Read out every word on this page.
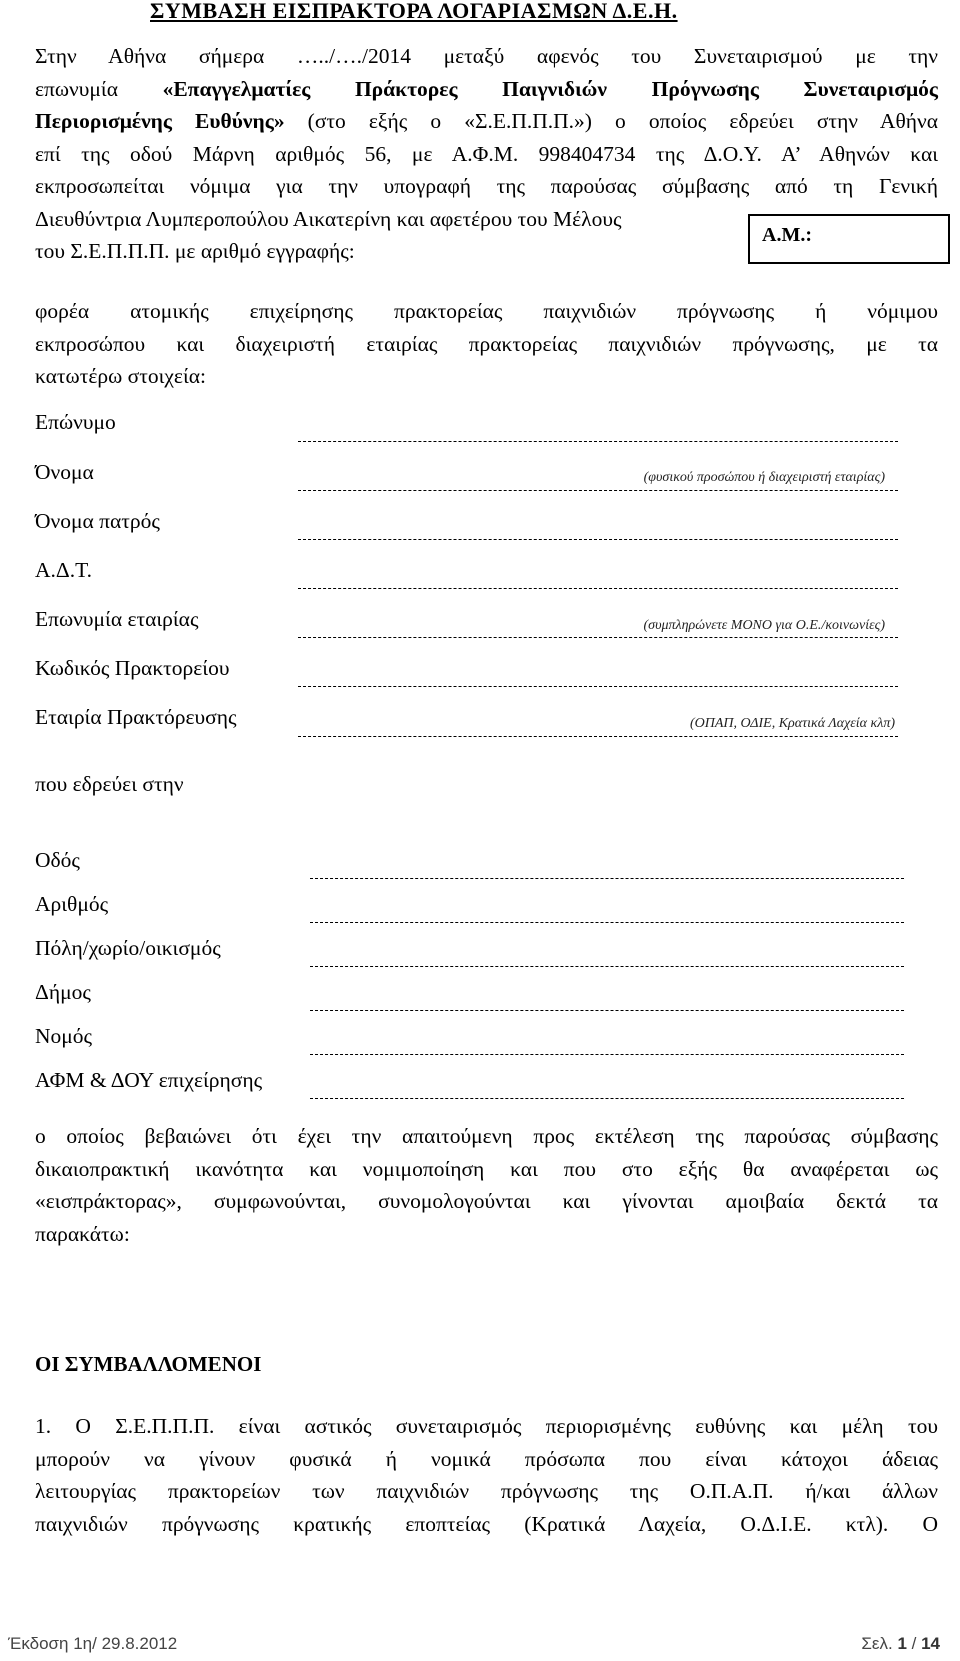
ΣΥΜΒΑΣΗ ΕΙΣΠΡΑΚΤΟΡΑ ΛΟΓΑΡΙΑΣΜΩΝ Δ.Ε.Η.
Στην Αθήνα σήμερα …../…./2014 μεταξύ αφενός του Συνεταιρισμού με την
επωνυμία «Επαγγελματίες Πράκτορες Παιγνιδιών Πρόγνωσης Συνεταιρισμός
Περιορισμένης Ευθύνης» (στο εξής ο «Σ.Ε.Π.Π.Π.») ο οποίος εδρεύει στην Αθήνα
επί της οδού Μάρνη αριθμός 56, με Α.Φ.Μ. 998404734 της Δ.Ο.Υ. Α’ Αθηνών και
εκπροσωπείται νόμιμα για την υπογραφή της παρούσας σύμβασης από τη Γενική
Διευθύντρια Λυμπεροπούλου Αικατερίνη και αφετέρου του Μέλους
του Σ.Ε.Π.Π.Π. με αριθμό εγγραφής:
Α.Μ.:
φορέα ατομικής επιχείρησης πρακτορείας παιχνιδιών πρόγνωσης ή νόμιμου
εκπροσώπου και διαχειριστή εταιρίας πρακτορείας παιχνιδιών πρόγνωσης, με τα
κατωτέρω στοιχεία:
Επώνυμο
Όνομα	(φυσικού προσώπου ή διαχειριστή εταιρίας)
Όνομα πατρός
Α.Δ.Τ.
Επωνυμία εταιρίας	(συμπληρώνετε ΜΟΝΟ για Ο.Ε./κοινωνίες)
Κωδικός Πρακτορείου
Εταιρία Πρακτόρευσης	(ΟΠΑΠ, ΟΔΙΕ, Κρατικά Λαχεία κλπ)
που εδρεύει στην
Οδός
Αριθμός
Πόλη/χωρίο/οικισμός
Δήμος
Νομός
ΑΦΜ & ΔΟΥ επιχείρησης
ο οποίος βεβαιώνει ότι έχει την απαιτούμενη προς εκτέλεση της παρούσας σύμβασης
δικαιοπρακτική ικανότητα και νομιμοποίηση και που στο εξής θα αναφέρεται ως
«εισπράκτορας», συμφωνούνται, συνομολογούνται και γίνονται αμοιβαία δεκτά τα
παρακάτω:
ΟΙ ΣΥΜΒΑΛΛΟΜΕΝΟΙ
1. Ο Σ.Ε.Π.Π.Π. είναι αστικός συνεταιρισμός περιορισμένης ευθύνης και μέλη του
μπορούν να γίνουν φυσικά ή νομικά πρόσωπα που είναι κάτοχοι άδειας
λειτουργίας πρακτορείων των παιχνιδιών πρόγνωσης της Ο.Π.Α.Π. ή/και άλλων
παιχνιδιών πρόγνωσης κρατικής εποπτείας (Κρατικά Λαχεία, Ο.Δ.Ι.Ε. κτλ). Ο
Έκδοση 1η/ 29.8.2012	Σελ. 1 / 14
